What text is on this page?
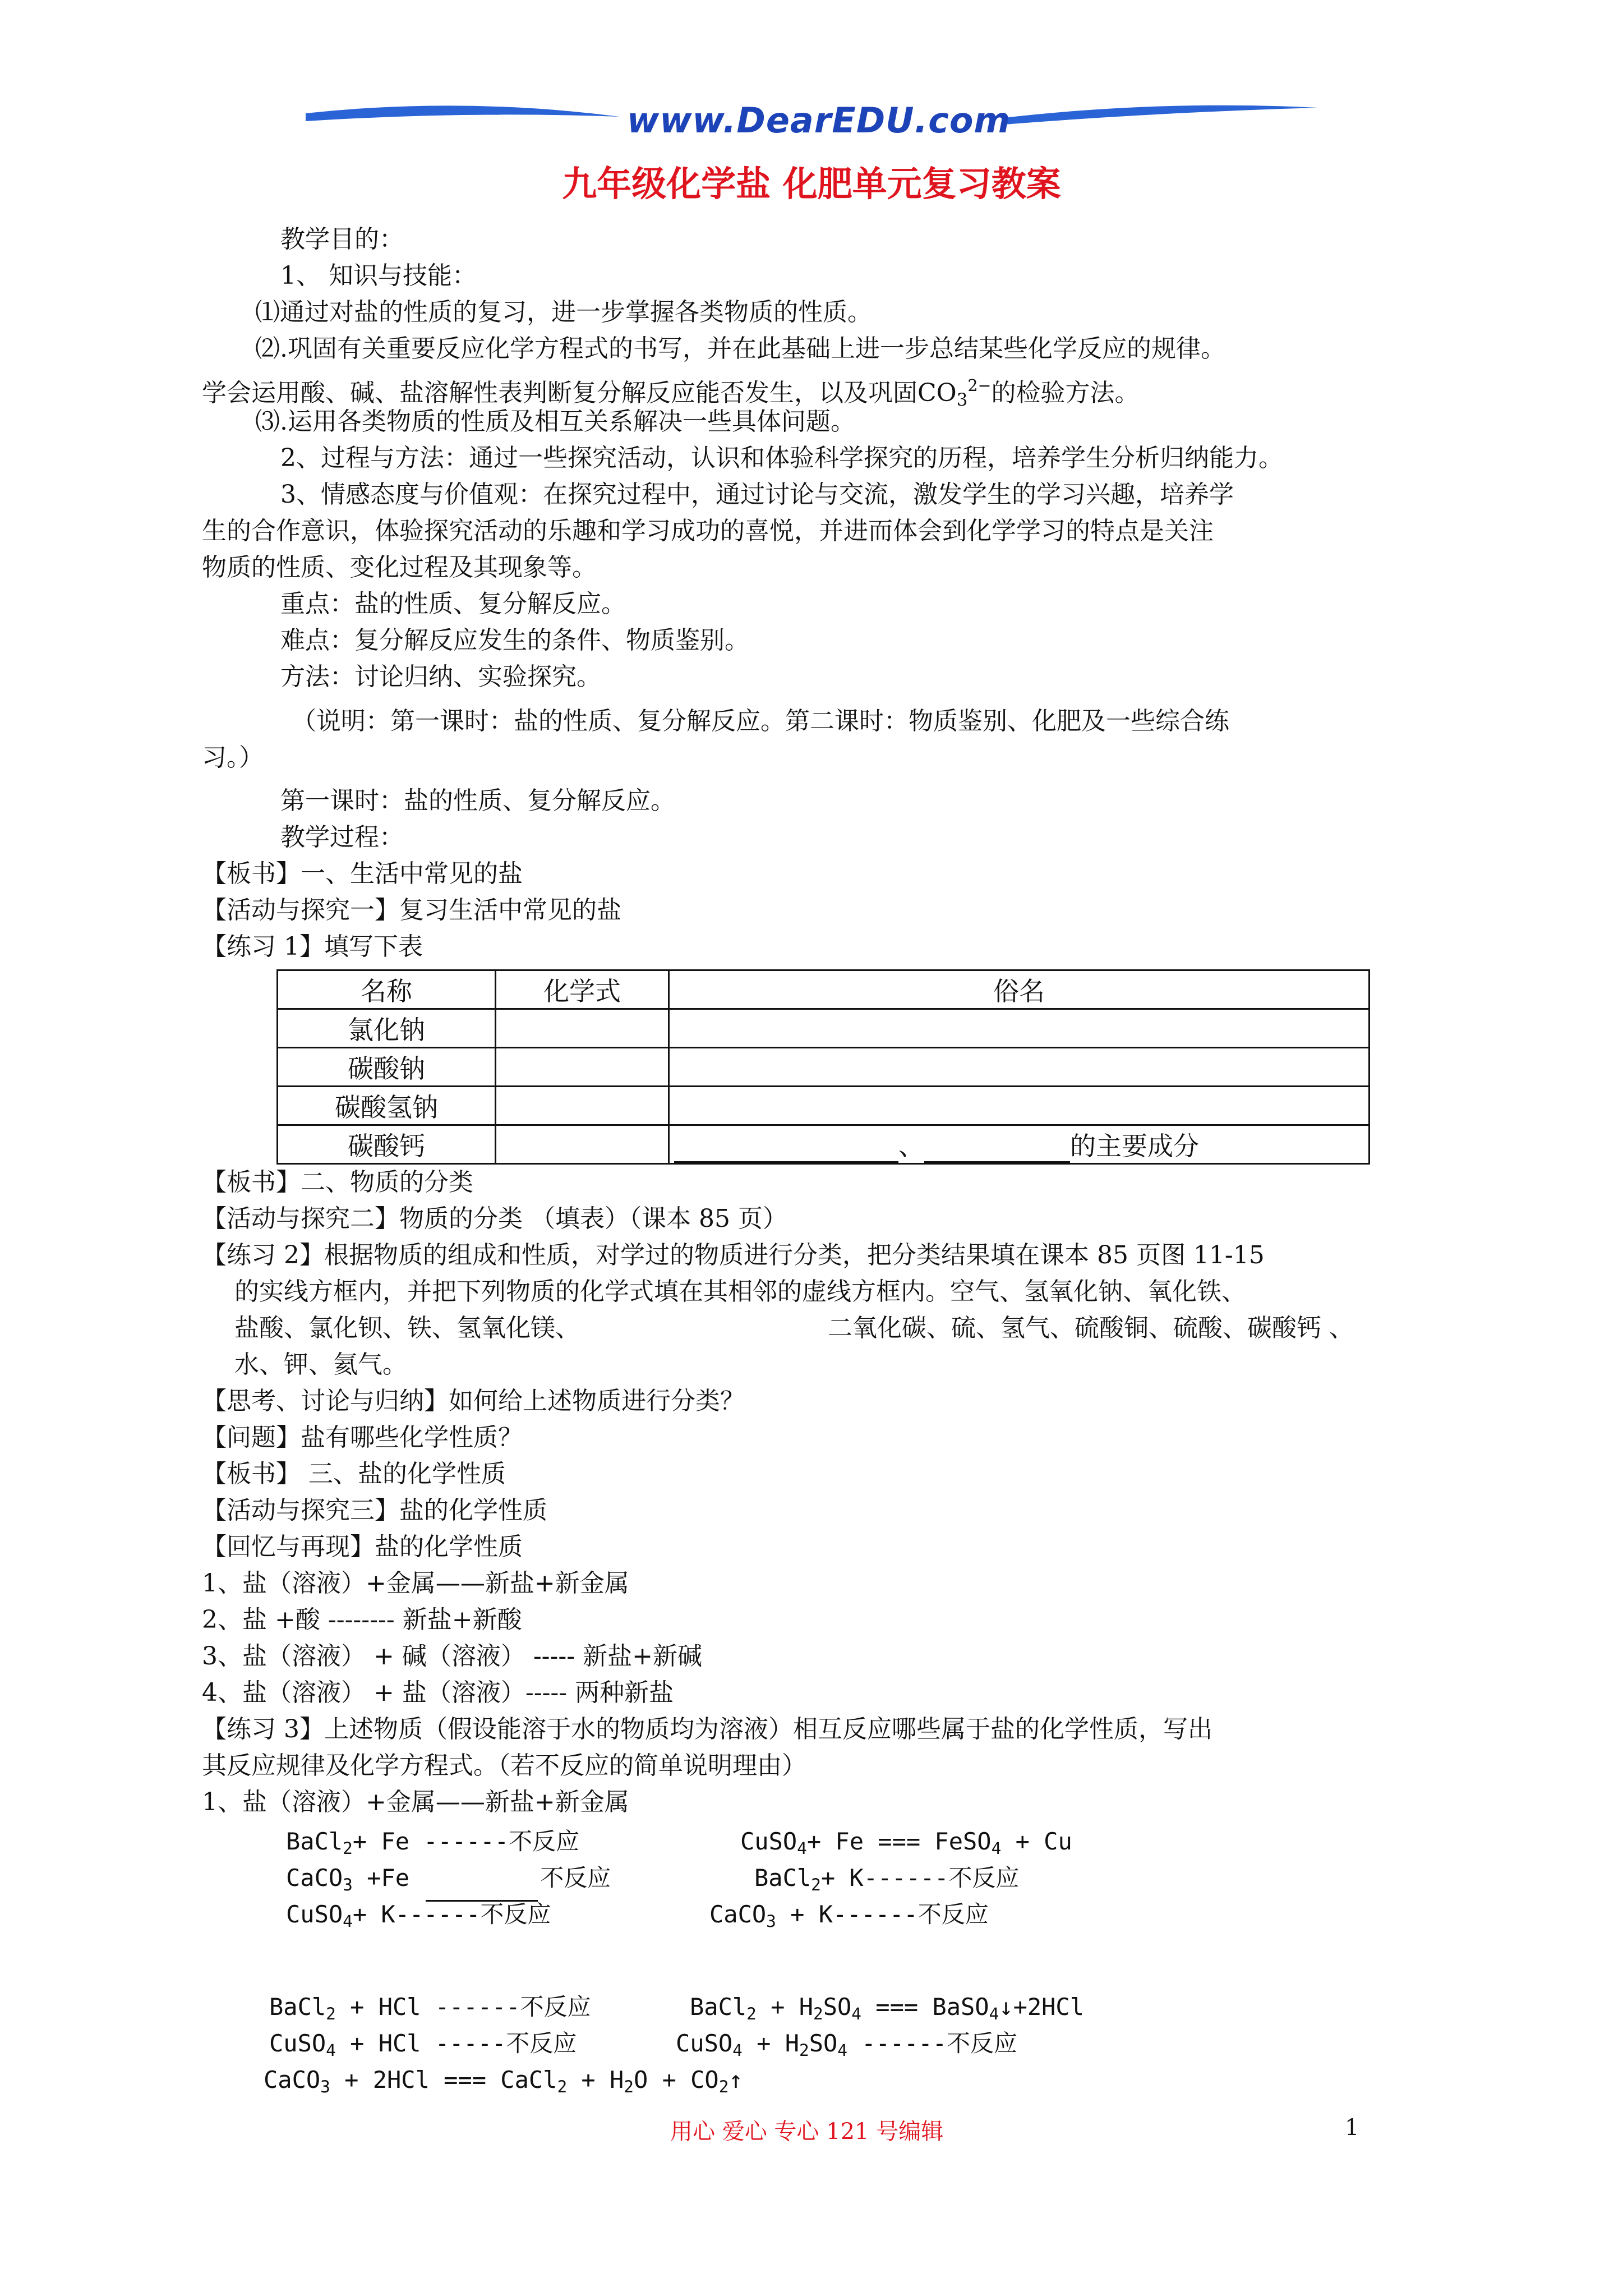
www.DearEDU.com
九年级化学盐 化肥单元复习教案
教学目的：
1、 知识与技能：
⑴通过对盐的性质的复习，进一步掌握各类物质的性质。
⑵.巩固有关重要反应化学方程式的书写，并在此基础上进一步总结某些化学反应的规律。
学会运用酸、碱、盐溶解性表判断复分解反应能否发生，以及巩固$CO_3^{2-}$的检验方法。
⑶.运用各类物质的性质及相互关系解决一些具体问题。
2、过程与方法：通过一些探究活动，认识和体验科学探究的历程，培养学生分析归纳能力。
3、情感态度与价值观：在探究过程中，通过讨论与交流，激发学生的学习兴趣，培养学
生的合作意识，体验探究活动的乐趣和学习成功的喜悦，并进而体会到化学学习的特点是关注
物质的性质、变化过程及其现象等。
重点：盐的性质、复分解反应。
难点：复分解反应发生的条件、物质鉴别。
方法：讨论归纳、实验探究。
（说明：第一课时：盐的性质、复分解反应。第二课时：物质鉴别、化肥及一些综合练
习。）
第一课时：盐的性质、复分解反应。
教学过程：
【板书】一、生活中常见的盐
【活动与探究一】复习生活中常见的盐
【练习 1】填写下表
名称	化学式	俗名
氯化钠		
碳酸钠		
碳酸氢钠		
碳酸钙		、 的主要成分
【板书】二、物质的分类
【活动与探究二】物质的分类 （填表）（课本 85 页）
【练习 2】根据物质的组成和性质，对学过的物质进行分类，把分类结果填在课本 85 页图 11-15
的实线方框内，并把下列物质的化学式填在其相邻的虚线方框内。空气、氢氧化钠、氧化铁、
盐酸、氯化钡、铁、氢氧化镁、	二氧化碳、硫、氢气、硫酸铜、硫酸、碳酸钙 、
水、钾、氦气。
【思考、讨论与归纳】如何给上述物质进行分类？
【问题】盐有哪些化学性质？
【板书】 三、盐的化学性质
【活动与探究三】盐的化学性质
【回忆与再现】盐的化学性质
1、盐（溶液）+金属——新盐+新金属
2、盐 +酸 -------- 新盐+新酸
3、盐（溶液） + 碱（溶液） ----- 新盐+新碱
4、盐（溶液） + 盐（溶液）----- 两种新盐
【练习 3】上述物质（假设能溶于水的物质均为溶液）相互反应哪些属于盐的化学性质，写出
其反应规律及化学方程式。（若不反应的简单说明理由）
1、盐（溶液）+金属——新盐+新金属
BaCl$_2$+ Fe ------不反应	CuSO$_4$+ Fe === FeSO$_4$ + Cu
CaCO$_3$ +Fe	不反应	BaCl$_2$+ K------不反应
CuSO$_4$+ K------不反应	CaCO$_3$ + K------不反应
BaCl$_2$ + HCl ------不反应	BaCl$_2$ + $H_2SO_4$ === BaSO$_4$↓+2HCl
CuSO$_4$ + HCl -----不反应	CuSO$_4$ + $H_2SO_4$ ------不反应
CaCO$_3$ + 2HCl === CaCl$_2$ + $H_2O$ + $CO_2↑$
用心 爱心 专心 121 号编辑	1
